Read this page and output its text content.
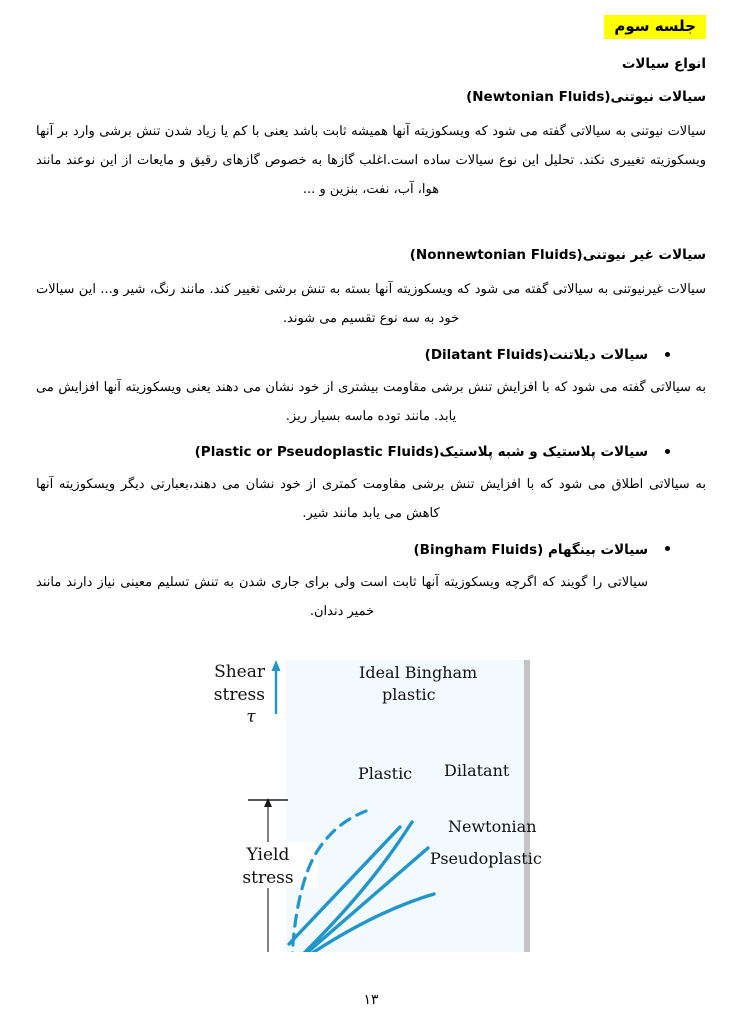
جلسه سوم
انواع سیالات
سیالات نیوتنی(Newtonian Fluids)
سیالات نیوتنی به سیالاتی گفته می شود که ویسکوزیته آنها همیشه ثابت باشد یعنی با کم یا زیاد شدن تنش برشی وارد بر آنها ویسکوزیته تغییری نکند. تحلیل این نوع سیالات ساده است.اغلب گازها به خصوص گازهای رقیق و مایعات از این نوعند مانند هوا، آب، نفت، بنزین و ...
سیالات غیر نیوتنی(Nonnewtonian Fluids)
سیالات غیرنیوتنی به سیالاتی گفته می شود که ویسکوزیته آنها بسته به تنش برشی تغییر کند. مانند رنگ، شیر و... این سیالات خود به سه نوع تقسیم می شوند.
سیالات دیلاتنت(Dilatant Fluids)
به سیالاتی گفته می شود که با افزایش تنش برشی مقاومت بیشتری از خود نشان می دهند یعنی ویسکوزیته آنها افزایش می یابد. مانند توده ماسه بسیار ریز.
سیالات پلاستیک و شبه پلاستیک(Plastic or Pseudoplastic Fluids)
به سیالاتی اطلاق می شود که با افزایش تنش برشی مقاومت کمتری از خود نشان می دهند،بعبارتی دیگر ویسکوزیته آنها کاهش می یابد مانند شیر.
سیالات بینگهام (Bingham Fluids)
سیالاتی را گویند که اگرچه ویسکوزیته آنها ثابت است ولی برای جاری شدن به تنش تسلیم معینی نیاز دارند مانند خمیر دندان.
Shear
stress
τ
Yield
stress
Ideal Bingham
plastic
Plastic Dilatant
Newtonian
Pseudoplastic
۱۳
